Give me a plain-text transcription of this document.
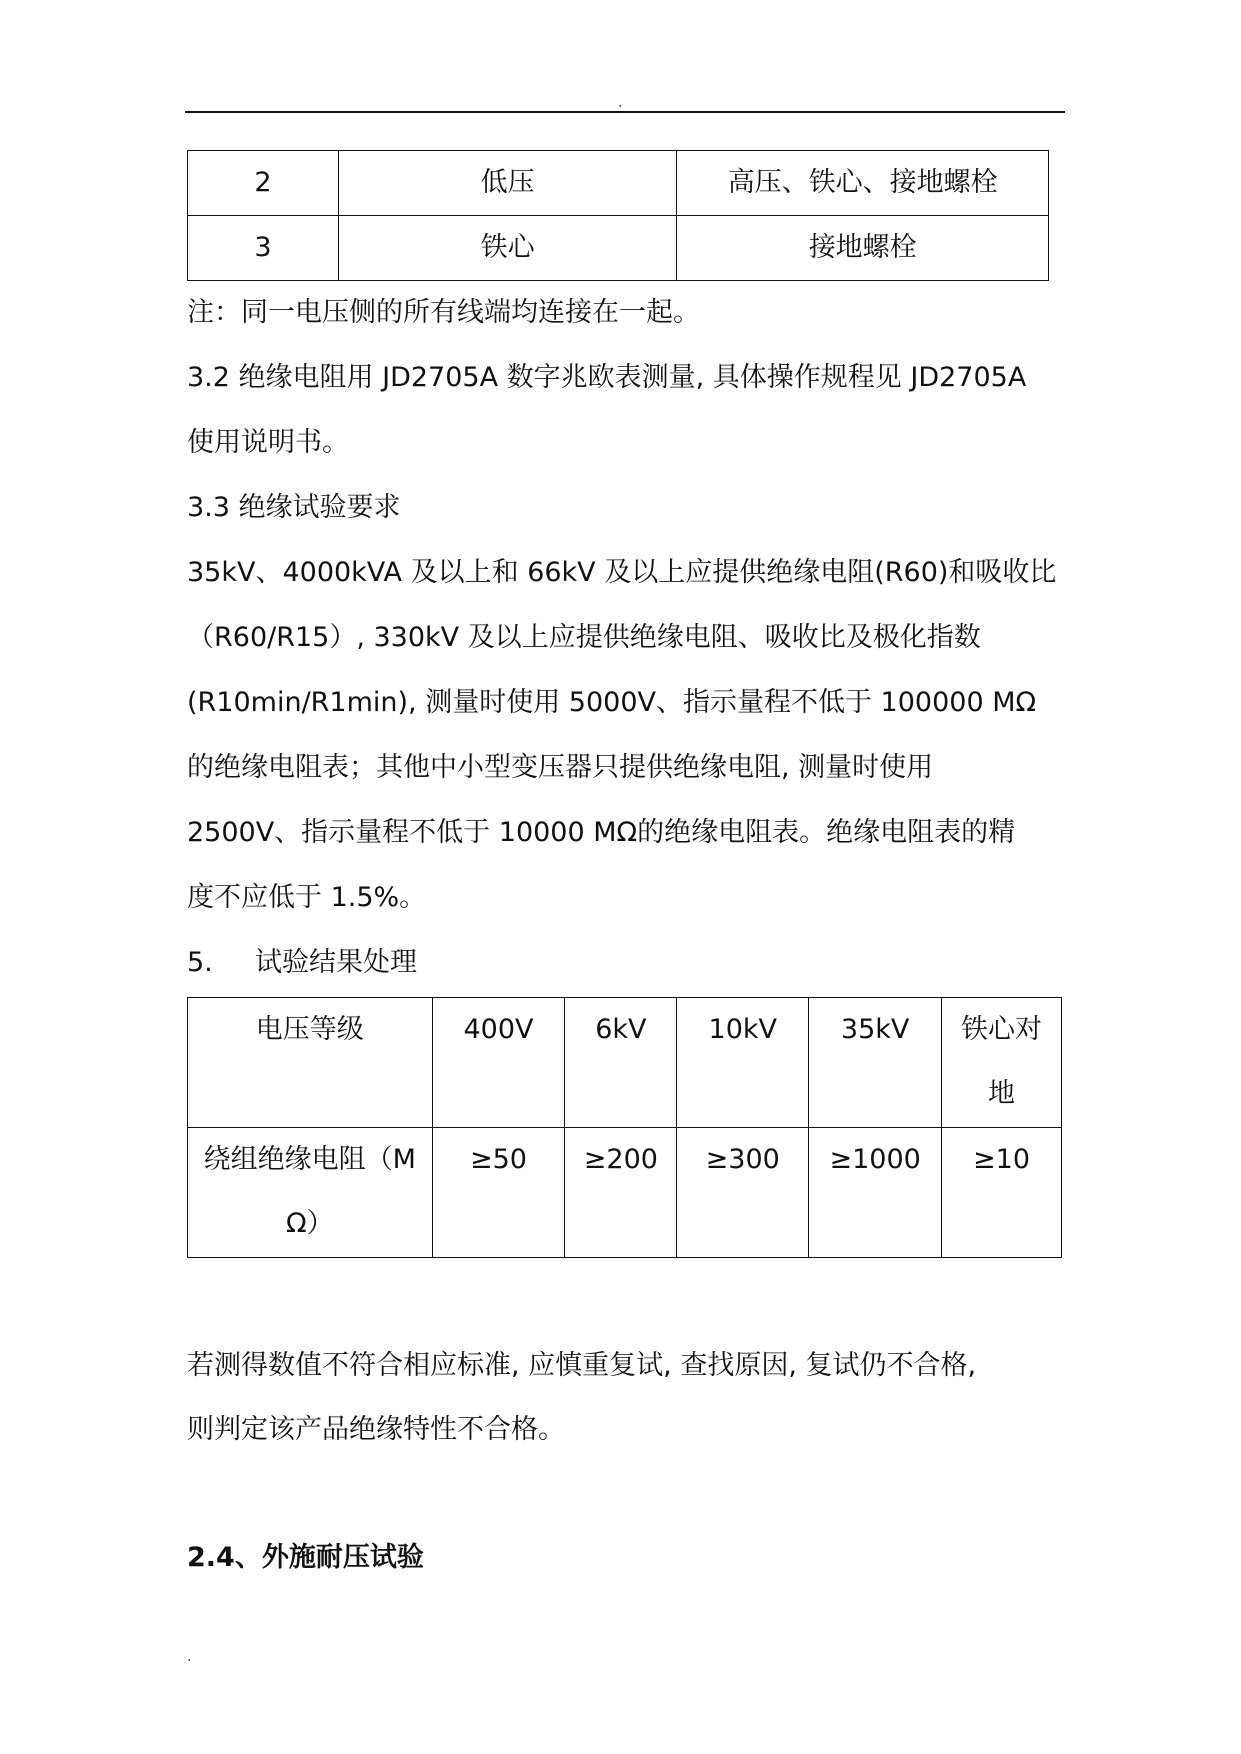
.
2	低压	高压、铁心、接地螺栓
3	铁心	接地螺栓
注：同一电压侧的所有线端均连接在一起。
3.2 绝缘电阻用 JD2705A 数字兆欧表测量, 具体操作规程见 JD2705A
使用说明书。
3.3 绝缘试验要求
35kV、4000kVA 及以上和 66kV 及以上应提供绝缘电阻(R60)和吸收比
（R60/R15）, 330kV 及以上应提供绝缘电阻、吸收比及极化指数
(R10min/R1min), 测量时使用 5000V、指示量程不低于 100000 MΩ
的绝缘电阻表；其他中小型变压器只提供绝缘电阻, 测量时使用
2500V、指示量程不低于 10000 MΩ的绝缘电阻表。绝缘电阻表的精
度不应低于 1.5%。
5. 试验结果处理
电压等级	400V	6kV	10kV	35kV	铁心对
地

绕组绝缘电阻（M
Ω）	≥50	≥200	≥300	≥1000	≥10
若测得数值不符合相应标准, 应慎重复试, 查找原因, 复试仍不合格,
则判定该产品绝缘特性不合格。
2.4、外施耐压试验
.
